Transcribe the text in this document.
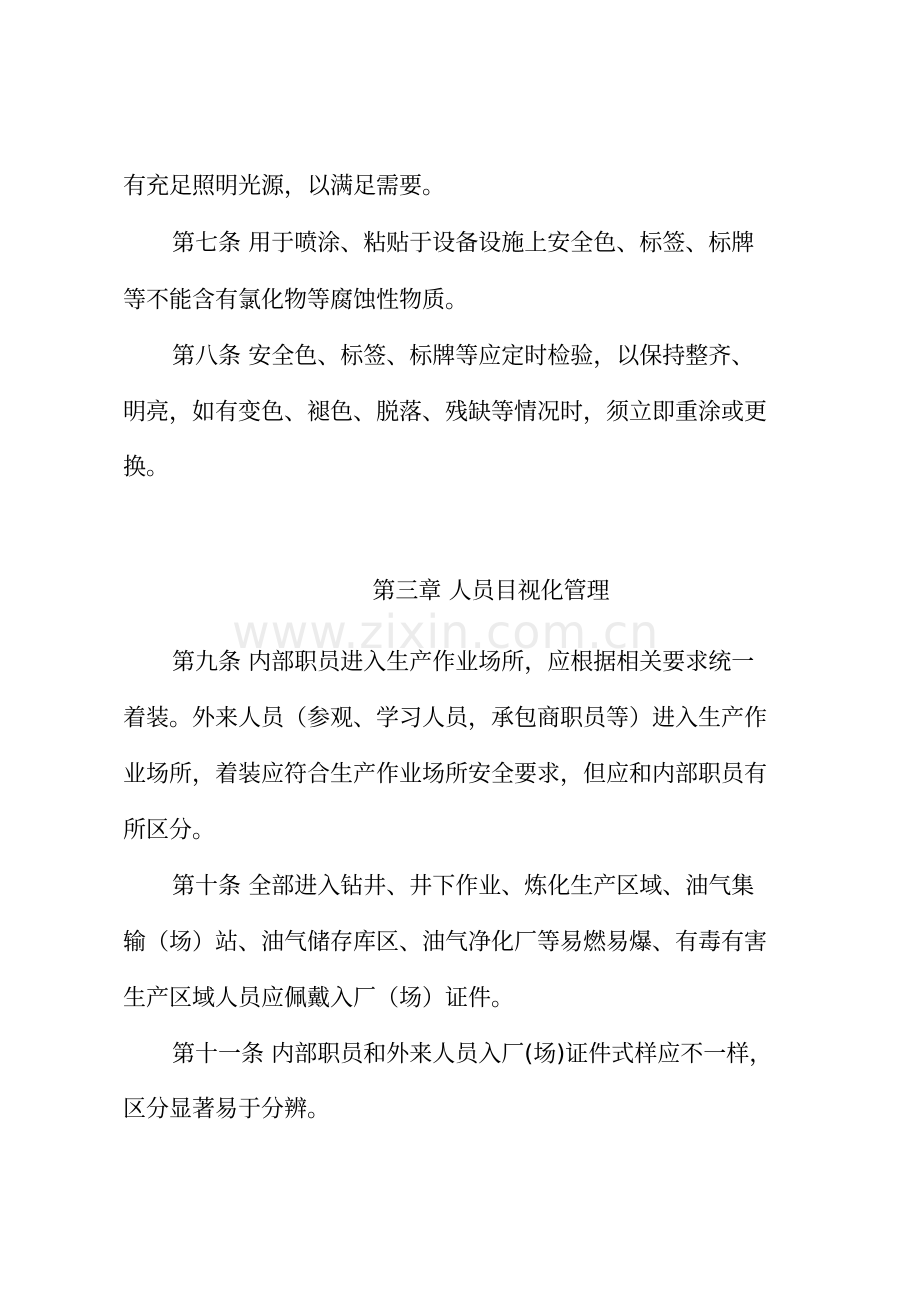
www.zixin.com.cn
有充足照明光源，以满足需要。
第七条 用于喷涂、粘贴于设备设施上安全色、标签、标牌
等不能含有氯化物等腐蚀性物质。
第八条 安全色、标签、标牌等应定时检验，以保持整齐、
明亮，如有变色、褪色、脱落、残缺等情况时，须立即重涂或更
换。
第三章 人员目视化管理
第九条 内部职员进入生产作业场所，应根据相关要求统一
着装。外来人员（参观、学习人员，承包商职员等）进入生产作
业场所，着装应符合生产作业场所安全要求，但应和内部职员有
所区分。
第十条 全部进入钻井、井下作业、炼化生产区域、油气集
输（场）站、油气储存库区、油气净化厂等易燃易爆、有毒有害
生产区域人员应佩戴入厂（场）证件。
第十一条 内部职员和外来人员入厂(场)证件式样应不一样，
区分显著易于分辨。
